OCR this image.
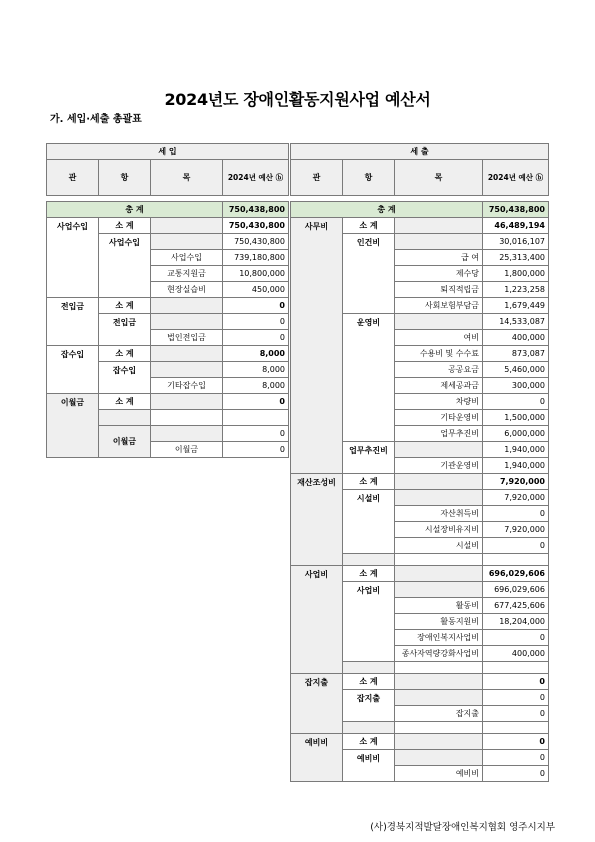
2024년도 장애인활동지원사업 예산서
가. 세입·세출 총괄표
세 입			
관	항	목	2024년 예산 ⓑ

총 계			750,438,800
사업수입	소 계		750,430,800
	사업수입		750,430,800
		사업수입	739,180,800
		교통지원금	10,800,000
		현장실습비	450,000
전입금	소 계		0
	전입금		0
		법인전입금	0
잡수입	소 계		8,000
	잡수입		8,000
		기타잡수입	8,000
이월금	소 계		0

	이월금		0
		이월금	0
세 출			
관	항	목	2024년 예산 ⓑ

총 계			750,438,800
사무비	소 계		46,489,194
	인건비		30,016,107
		급 여	25,313,400
		제수당	1,800,000
		퇴직적립금	1,223,258
		사회보험부담금	1,679,449
	운영비		14,533,087
		여비	400,000
		수용비 및 수수료	873,087
		공공요금	5,460,000
		제세공과금	300,000
		차량비	0
		기타운영비	1,500,000
		업무추진비	6,000,000
	업무추진비		1,940,000
		기관운영비	1,940,000
재산조성비	소 계		7,920,000
	시설비		7,920,000
		자산취득비	0
		시설장비유지비	7,920,000
		시설비	0

사업비	소 계		696,029,606
	사업비		696,029,606
		활동비	677,425,606
		활동지원비	18,204,000
		장애인복지사업비	0
		종사자역량강화사업비	400,000

잡지출	소 계		0
	잡지출		0
		잡지출	0

예비비	소 계		0
	예비비		0
		예비비	0
(사)경북지적발달장애인복지협회 영주시지부
